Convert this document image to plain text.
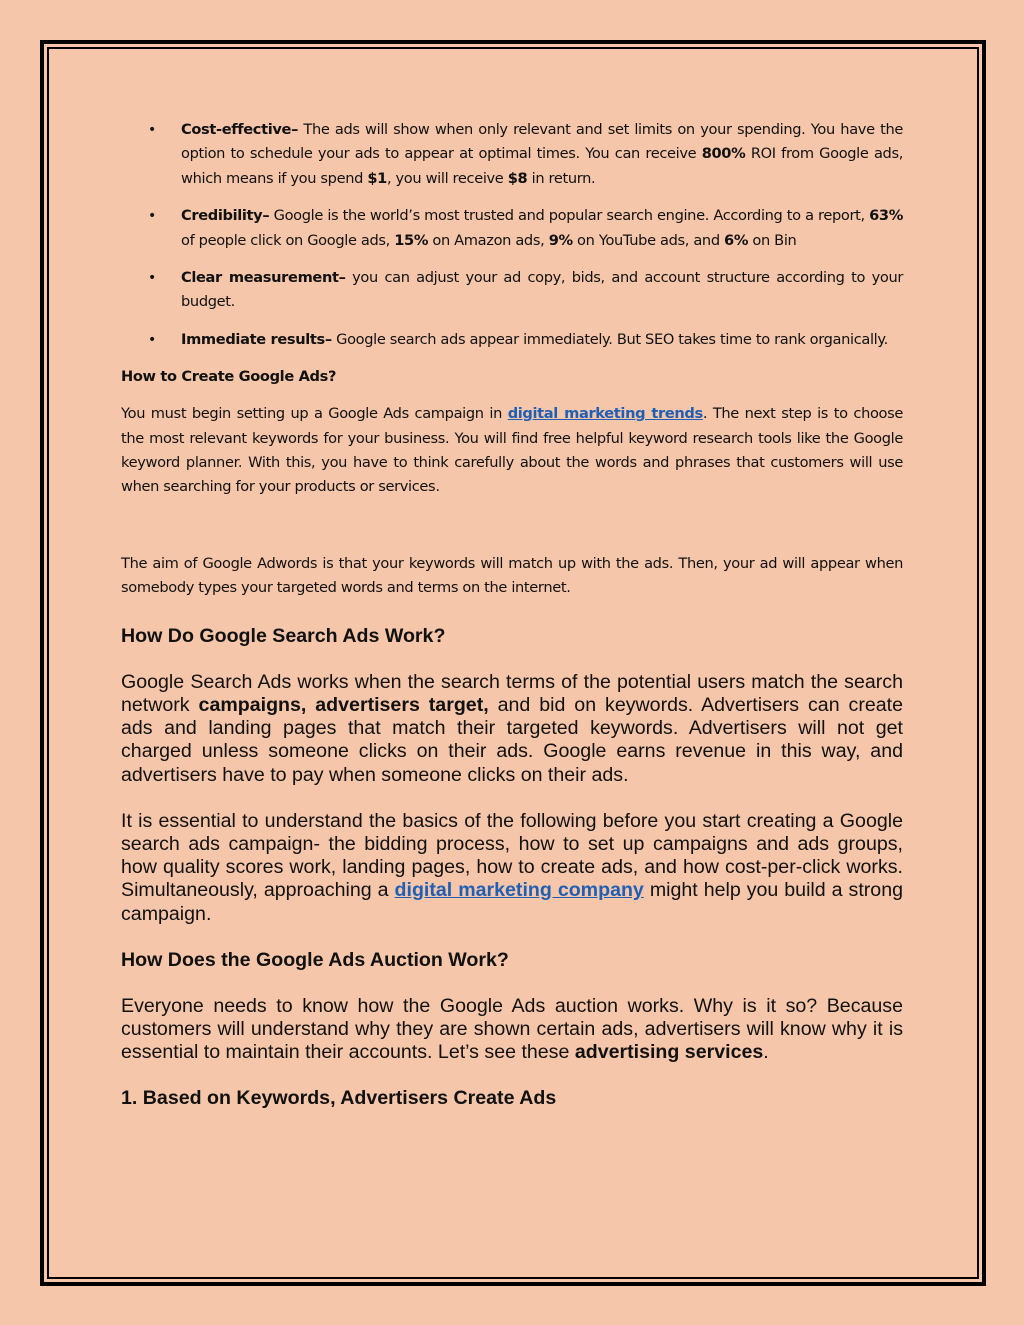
• Cost-effective– The ads will show when only relevant and set limits on your spending. You have the option to schedule your ads to appear at optimal times. You can receive 800% ROI from Google ads, which means if you spend $1, you will receive $8 in return.
• Credibility– Google is the world’s most trusted and popular search engine. According to a report, 63% of people click on Google ads, 15% on Amazon ads, 9% on YouTube ads, and 6% on Bin
• Clear measurement– you can adjust your ad copy, bids, and account structure according to your budget.
• Immediate results– Google search ads appear immediately. But SEO takes time to rank organically.
How to Create Google Ads?

You must begin setting up a Google Ads campaign in digital marketing trends. The next step is to choose the most relevant keywords for your business. You will find free helpful keyword research tools like the Google keyword planner. With this, you have to think carefully about the words and phrases that customers will use when searching for your products or services.

The aim of Google Adwords is that your keywords will match up with the ads. Then, your ad will appear when somebody types your targeted words and terms on the internet.

How Do Google Search Ads Work?

Google Search Ads works when the search terms of the potential users match the search network campaigns, advertisers target, and bid on keywords. Advertisers can create ads and landing pages that match their targeted keywords. Advertisers will not get charged unless someone clicks on their ads. Google earns revenue in this way, and advertisers have to pay when someone clicks on their ads.

It is essential to understand the basics of the following before you start creating a Google search ads campaign- the bidding process, how to set up campaigns and ads groups, how quality scores work, landing pages, how to create ads, and how cost-per-click works. Simultaneously, approaching a digital marketing company might help you build a strong campaign.

How Does the Google Ads Auction Work?

Everyone needs to know how the Google Ads auction works. Why is it so? Because customers will understand why they are shown certain ads, advertisers will know why it is essential to maintain their accounts. Let’s see these advertising services.

1. Based on Keywords, Advertisers Create Ads
